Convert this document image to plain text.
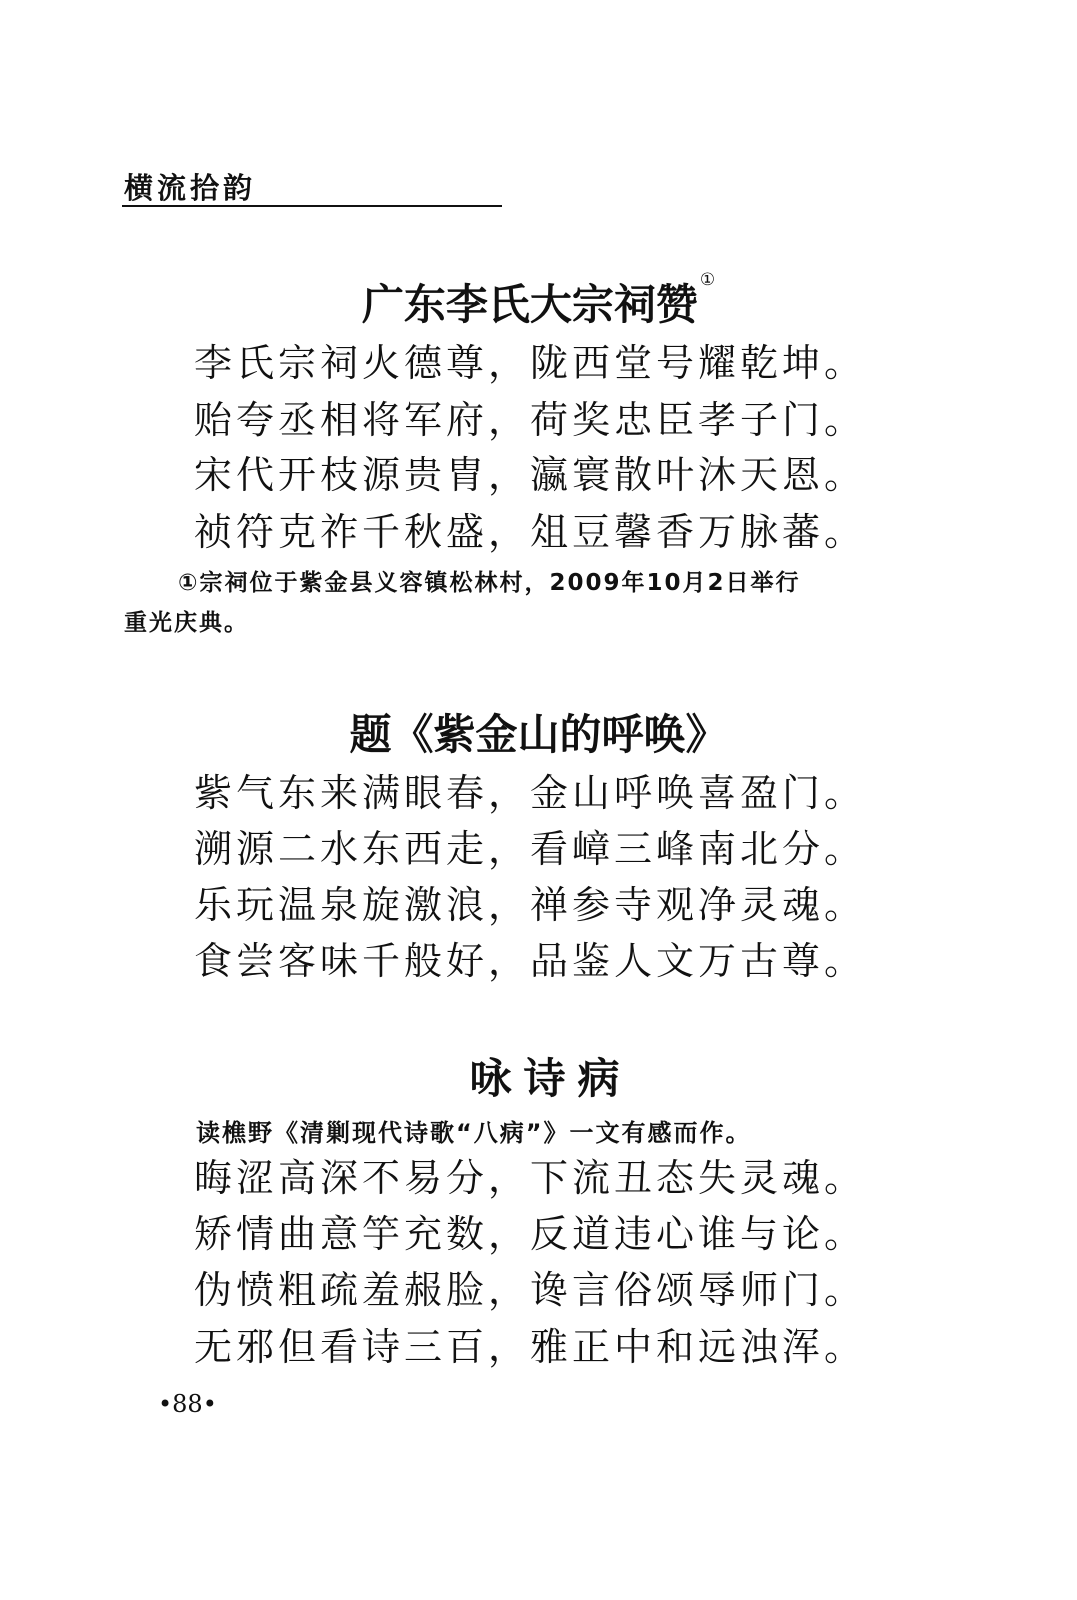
横流拾韵
广东李氏大宗祠赞 ①
李氏宗祠火德尊，陇西堂号耀乾坤。
贻夸丞相将军府，荷奖忠臣孝子门。
宋代开枝源贵胄，瀛寰散叶沐天恩。
祯符克祚千秋盛，俎豆馨香万脉蕃。
①宗祠位于紫金县义容镇松林村，2009年10月2日举行
重光庆典。
题《紫金山的呼唤》
紫气东来满眼春，金山呼唤喜盈门。
溯源二水东西走，看嶂三峰南北分。
乐玩温泉旋激浪，禅参寺观净灵魂。
食尝客味千般好，品鉴人文万古尊。
咏诗病
读樵野《清剿现代诗歌“八病”》一文有感而作。
晦涩高深不易分，下流丑态失灵魂。
矫情曲意竽充数，反道违心谁与论。
伪愤粗疏羞赧脸，谗言俗颂辱师门。
无邪但看诗三百，雅正中和远浊浑。
•88•
